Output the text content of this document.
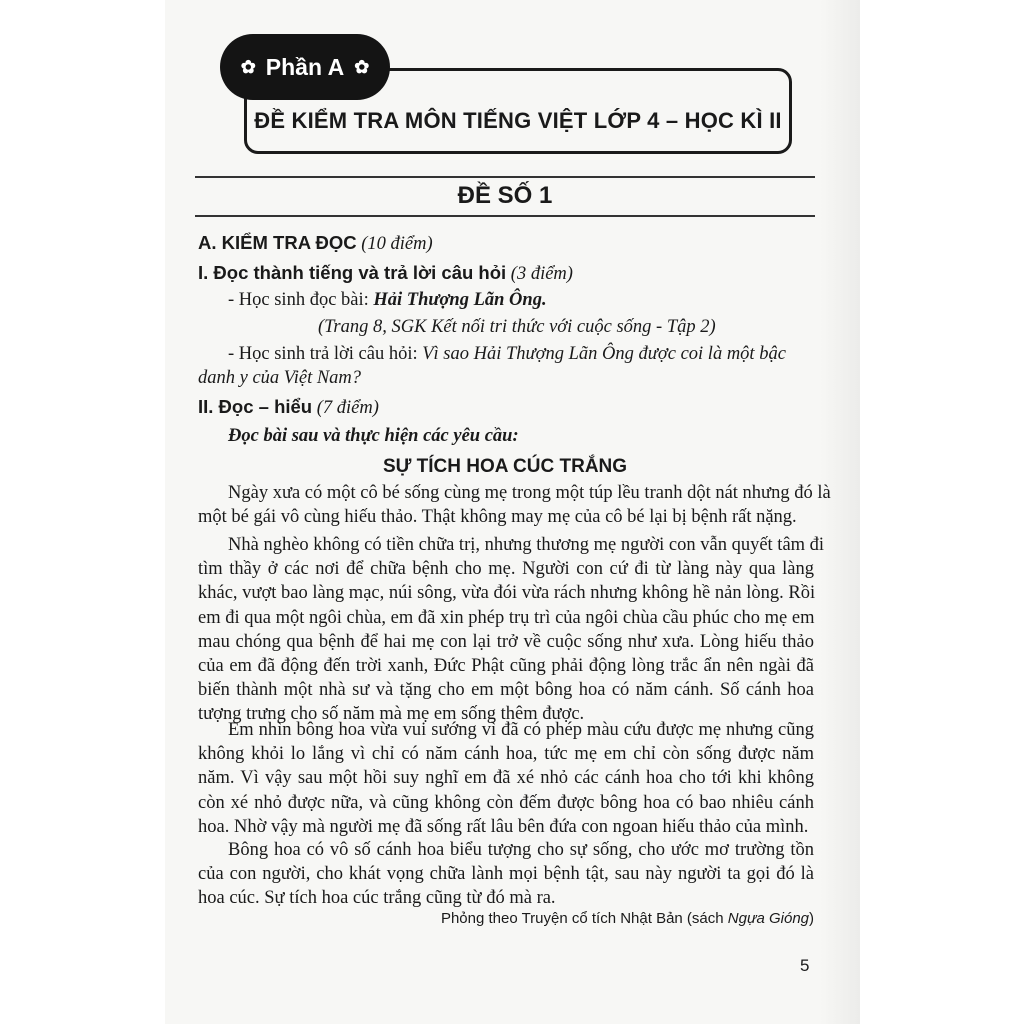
✿ Phần A ✿
ĐỀ KIỂM TRA MÔN TIẾNG VIỆT LỚP 4 – HỌC KÌ II
ĐỀ SỐ 1
A. KIỂM TRA ĐỌC (10 điểm)
I. Đọc thành tiếng và trả lời câu hỏi (3 điểm)
- Học sinh đọc bài: Hải Thượng Lãn Ông.
(Trang 8, SGK Kết nối tri thức với cuộc sống - Tập 2)
- Học sinh trả lời câu hỏi: Vì sao Hải Thượng Lãn Ông được coi là một bậc
danh y của Việt Nam?
II. Đọc – hiểu (7 điểm)
Đọc bài sau và thực hiện các yêu cầu:
SỰ TÍCH HOA CÚC TRẮNG
Ngày xưa có một cô bé sống cùng mẹ trong một túp lều tranh dột nát nhưng đó là
một bé gái vô cùng hiếu thảo. Thật không may mẹ của cô bé lại bị bệnh rất nặng.
Nhà nghèo không có tiền chữa trị, nhưng thương mẹ người con vẫn quyết tâm đi
tìm thầy ở các nơi để chữa bệnh cho mẹ. Người con cứ đi từ làng này qua làng
khác, vượt bao làng mạc, núi sông, vừa đói vừa rách nhưng không hề nản lòng. Rồi
em đi qua một ngôi chùa, em đã xin phép trụ trì của ngôi chùa cầu phúc cho mẹ em
mau chóng qua bệnh để hai mẹ con lại trở về cuộc sống như xưa. Lòng hiếu thảo
của em đã động đến trời xanh, Đức Phật cũng phải động lòng trắc ẩn nên ngài đã
biến thành một nhà sư và tặng cho em một bông hoa có năm cánh. Số cánh hoa
tượng trưng cho số năm mà mẹ em sống thêm được.
Em nhìn bông hoa vừa vui sướng vì đã có phép màu cứu được mẹ nhưng cũng
không khỏi lo lắng vì chỉ có năm cánh hoa, tức mẹ em chỉ còn sống được năm
năm. Vì vậy sau một hồi suy nghĩ em đã xé nhỏ các cánh hoa cho tới khi không
còn xé nhỏ được nữa, và cũng không còn đếm được bông hoa có bao nhiêu cánh
hoa. Nhờ vậy mà người mẹ đã sống rất lâu bên đứa con ngoan hiếu thảo của mình.
Bông hoa có vô số cánh hoa biểu tượng cho sự sống, cho ước mơ trường tồn
của con người, cho khát vọng chữa lành mọi bệnh tật, sau này người ta gọi đó là
hoa cúc. Sự tích hoa cúc trắng cũng từ đó mà ra.
Phỏng theo Truyện cổ tích Nhật Bản (sách Ngựa Gióng)
5
